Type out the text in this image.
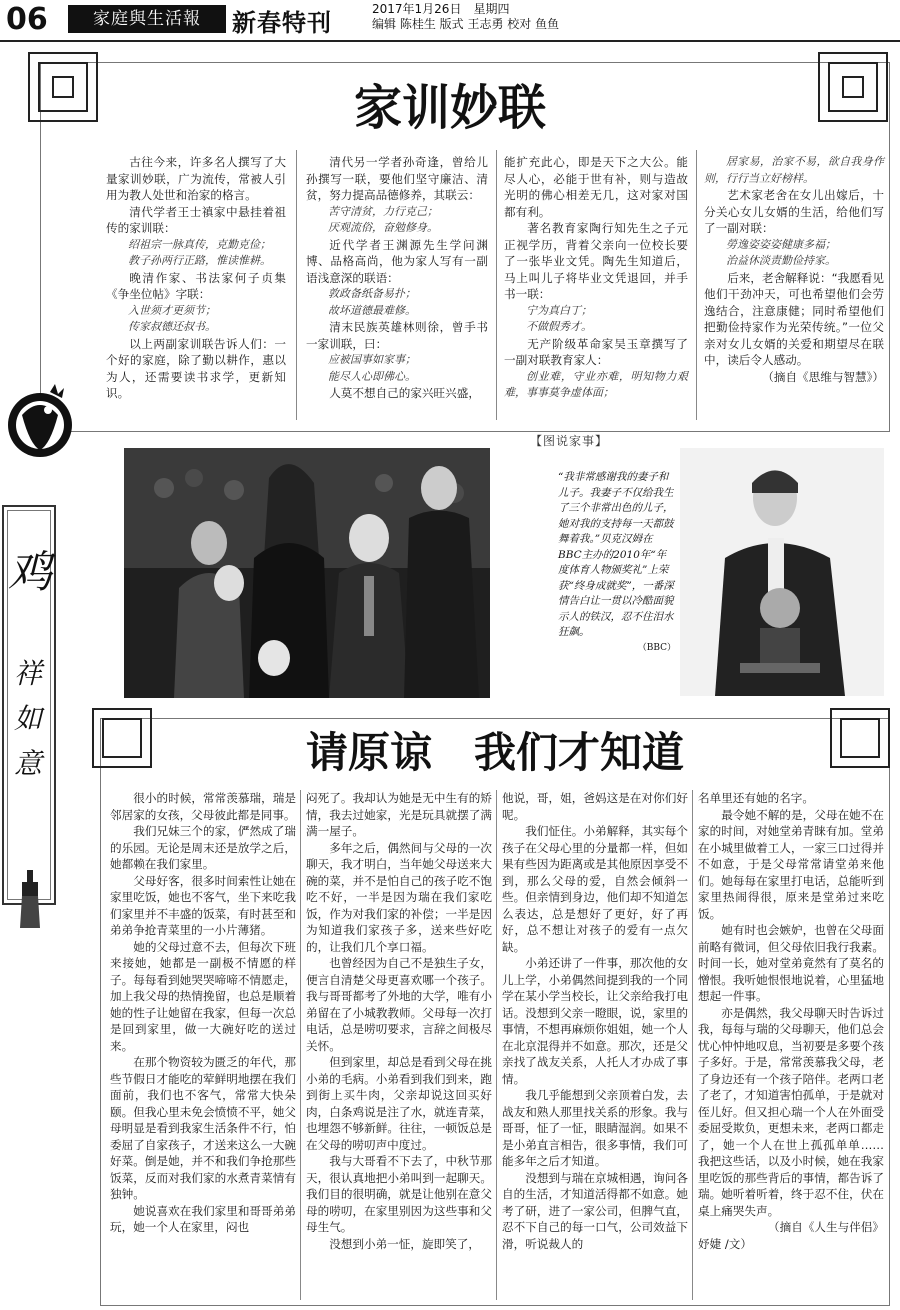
06	家庭與生活報	新春特刊	2017年1月26日　星期四
编辑 陈桂生 版式 王志勇 校对 鱼鱼
家训妙联

古往今来，许多名人撰写了大量家训妙联，广为流传，常被人引用为教人处世和治家的格言。

清代学者王士禛家中悬挂着祖传的家训联：

绍祖宗一脉真传，克勤克俭；

教子孙两行正路，惟读惟耕。

晚清作家、书法家何子贞集《争坐位帖》字联：

入世须才更须节；

传家叔德还叔书。

以上两副家训联告诉人们：一个好的家庭，除了勤以耕作，惠以为人，还需要读书求学，更新知识。

清代另一学者孙奇逢，曾给儿孙撰写一联，要他们坚守廉洁、清贫，努力提高品德修养，其联云：

苦守清贫，力行克己；

厌观流俗，奋勉修身。

近代学者王渊源先生学问渊博、品格高尚，他为家人写有一副语浅意深的联语：

敦政备纸备易扑；

故坏道德最难修。

清末民族英雄林则徐，曾手书一家训联，曰：

应被国事如家事；

能尽人心即佛心。

人莫不想自己的家兴旺兴盛，

能扩充此心，即是天下之大公。能尽人心，必能于世有补，则与造故光明的佛心相差无几，这对家对国都有利。

著名教育家陶行知先生之子元正视学历，背着父亲向一位校长要了一张毕业文凭。陶先生知道后，马上叫儿子将毕业文凭退回，并手书一联：

宁为真白丁；

不做假秀才。

无产阶级革命家吴玉章撰写了一副对联教育家人：

创业难，守业亦难，明知物力艰难，事事莫争虚体面；

居家易，治家不易，欲自我身作则，行行当立好榜样。

艺术家老舍在女儿出嫁后，十分关心女儿女婿的生活，给他们写了一副对联：

勞逸姿姿姿健康多福；

治益休淡责勤俭持家。

后来，老舍解释说：“我愿看见他们干劲冲天，可也希望他们会劳逸结合，注意康健；同时希望他们把勤俭持家作为光荣传统。”一位父亲对女儿女婿的关爱和期望尽在联中，读后令人感动。

（摘自《思维与智慧》）

【图说家事】
“我非常感谢我的妻子和儿子。我妻子不仅给我生了三个非常出色的儿子，她对我的支持每一天都鼓舞着我。”贝克汉姆在BBC主办的2010年“年度体育人物颁奖礼”上荣获“终身成就奖”，一番深情告白让一贯以冷酷面貌示人的铁汉，忍不住泪水狂飙。
（BBC）
鸡
祥
如
意	请原谅　我们才知道

很小的时候，常常羡慕瑞，瑞是邻居家的女孩，父母彼此都是同事。

我们兄妹三个的家，俨然成了瑞的乐园。无论是周末还是放学之后，她都赖在我们家里。

父母好客，很多时间索性让她在家里吃饭，她也不客气，坐下来吃我们家里并不丰盛的饭菜，有时甚至和弟弟争抢青菜里的一小片薄猪。

她的父母过意不去，但每次下班来接她，她都是一副极不情愿的样子。每每看到她哭哭啼啼不情愿走，加上我父母的热情挽留，也总是顺着她的性子让她留在我家，但每一次总是回到家里，做一大碗好吃的送过来。

在那个物资较为匮乏的年代，那些节假日才能吃的荤鲜明地摆在我们面前，我们也不客气，常常大快朵颐。但我心里未免会愤愤不平，她父母明显是看到我家生活条件不行，怕委屈了自家孩子，才送来这么一大碗好菜。倒是她，并不和我们争抢那些饭菜，反而对我们家的水煮青菜情有独钟。

她说喜欢在我们家里和哥哥弟弟玩，她一个人在家里，闷也

闷死了。我却认为她是无中生有的矫情，我去过她家，光是玩具就摆了满满一屋子。

多年之后，偶然间与父母的一次聊天，我才明白，当年她父母送来大碗的菜，并不是怕自己的孩子吃不饱吃不好，一半是因为瑞在我们家吃饭，作为对我们家的补偿；一半是因为知道我们家孩子多，送来些好吃的，让我们几个享口福。

也曾经因为自己不是独生子女，便言自清楚父母更喜欢哪一个孩子。我与哥哥都考了外地的大学，唯有小弟留在了小城教教师。父母每一次打电话，总是唠叨要求，言辞之间极尽关怀。

但到家里，却总是看到父母在挑小弟的毛病。小弟看到我们到来，跑到街上买牛肉，父亲却说这回买好肉，白条鸡说是注了水，就连青菜，也埋怨不够新鲜。往往，一顿饭总是在父母的唠叨声中度过。

我与大哥看不下去了，中秋节那天，很认真地把小弟叫到一起聊天。我们目的很明确，就是让他别在意父母的唠叨，在家里别因为这些事和父母生气。

没想到小弟一怔，旋即笑了，

他说，哥，姐，爸妈这是在对你们好呢。

我们怔住。小弟解释，其实每个孩子在父母心里的分量都一样，但如果有些因为距离或是其他原因享受不到，那么父母的爱，自然会倾斜一些。但亲情到身边，他们却不知道怎么表达，总是想好了更好，好了再好，总不想让对孩子的爱有一点欠缺。

小弟还讲了一件事，那次他的女儿上学，小弟偶然间提到我的一个同学在某小学当校长，让父亲给我打电话。没想到父亲一瞪眼，说，家里的事情，不想再麻烦你姐姐，她一个人在北京混得并不如意。那次，还是父亲找了战友关系，人托人才办成了事情。

我几乎能想到父亲顶着白发，去战友和熟人那里找关系的形象。我与哥哥，怔了一怔，眼睛湿润。如果不是小弟直言相告，很多事情，我们可能多年之后才知道。

没想到与瑞在京城相遇，询问各自的生活，才知道活得都不如意。她考了研，进了一家公司，但脾气直，忍不下自己的每一口气，公司效益下滑，听说裁人的

名单里还有她的名字。

最令她不解的是，父母在她不在家的时间，对她堂弟青睐有加。堂弟在小城里做着工人，一家三口过得并不如意，于是父母常常请堂弟来他们。她每每在家里打电话，总能听到家里热闹得很，原来是堂弟过来吃饭。

她有时也会嫉妒，也曾在父母面前略有微词，但父母依旧我行我素。时间一长，她对堂弟竟然有了莫名的憎恨。我听她恨恨地说着，心里猛地想起一件事。

亦是偶然，我父母聊天时告诉过我，每每与瑞的父母聊天，他们总会忧心忡忡地叹息，当初要是多要个孩子多好。于是，常常羡慕我父母，老了身边还有一个孩子陪伴。老两口老了老了，才知道害怕孤单，于是就对侄儿好。但又担心瑞一个人在外面受委屈受欺负，更想未来，老两口都走了，她一个人在世上孤孤单单……　我把这些话，以及小时候，她在我家里吃饭的那些背后的事情，都告诉了瑞。她听着听着，终于忍不住，伏在桌上痛哭失声。

（摘自《人生与伴侣》

妤婕 /文）
